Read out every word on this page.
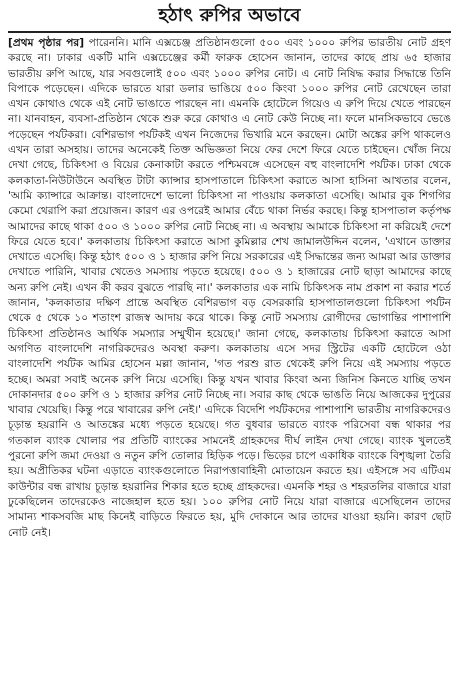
হঠাৎ রুপির অভাবে

[প্রথম পৃষ্ঠার পর] পারেননি। মানি এক্সচেঞ্জ প্রতিষ্ঠানগুলো ৫০০ এবং ১০০০ রুপির ভারতীয় নোট গ্রহণ করছে না। ঢাকার একটি মানি এক্সচেঞ্জের কর্মী ফারুক হোসেন জানান, তাদের কাছে প্রায় ৬৫ হাজার ভারতীয় রুপি আছে, যার সবগুলোই ৫০০ এবং ১০০০ রুপির নোট। এ নোট নিষিদ্ধ করার সিদ্ধান্তে তিনি বিপাকে পড়েছেন। এদিকে ভারতে যারা ডলার ভাঙিয়ে ৫০০ কিংবা ১০০০ রুপির নোট রেখেছেন তারা এখন কোথাও থেকে এই নোট ভাঙাতে পারছেন না। এমনকি হোটেলে গিয়েও এ রুপি দিয়ে খেতে পারছেন না। যানবাহন, ব্যবসা-প্রতিষ্ঠান থেকে শুরু করে কোথাও এ নোট কেউ নিচ্ছে না। ফলে মানসিকভাবে ভেঙে পড়েছেন পর্যটকরা। বেশিরভাগ পর্যটকই এখন নিজেদের ভিখারি মনে করছেন। মোটা অঙ্কের রুপি থাকলেও এখন তারা অসহায়। তাদের অনেকেই তিক্ত অভিজ্ঞতা নিয়ে ফের দেশে ফিরে যেতে চাইছেন। খোঁজ নিয়ে দেখা গেছে, চিকিৎসা ও বিয়ের কেনাকাটা করতে পশ্চিমবঙ্গে এসেছেন বহু বাংলাদেশি পর্যটক। ঢাকা থেকে কলকাতা-নিউটাউনে অবস্থিত টাটা ক্যান্সার হাসপাতালে চিকিৎসা করাতে আসা হাসিনা আখতার বলেন, 'আমি ক্যান্সারে আক্রান্ত। বাংলাদেশে ভালো চিকিৎসা না পাওয়ায় কলকাতা এসেছি। আমার বুক শিগগির কেমো থেরাপি করা প্রয়োজন। কারণ এর ওপরেই আমার বেঁচে থাকা নির্ভর করছে। কিন্তু হাসপাতাল কর্তৃপক্ষ আমাদের কাছে থাকা ৫০০ ও ১০০০ রুপির নোট নিচ্ছে না। এ অবস্থায় আমাকে চিকিৎসা না করিয়েই দেশে ফিরে যেতে হবে।' কলকাতায় চিকিৎসা করাতে আসা কুমিল্লার শেখ জামালউদ্দিন বলেন, 'এখানে ডাক্তার দেখাতে এসেছি। কিন্তু হঠাৎ ৫০০ ও ১ হাজার রুপি নিয়ে সরকারের এই সিদ্ধান্তের জন্য আমরা আর ডাক্তার দেখাতে পারিনি, খাবার খেতেও সমস্যায় পড়তে হয়েছে। ৫০০ ও ১ হাজারের নোট ছাড়া আমাদের কাছে অন্য রুপি নেই। এখন কী করব বুঝতে পারছি না।' কলকাতার এক নামি চিকিৎসক নাম প্রকাশ না করার শর্তে জানান, 'কলকাতার দক্ষিণ প্রান্তে অবস্থিত বেশিরভাগ বড় বেসরকারি হাসপাতালগুলো চিকিৎসা পর্যটন থেকে ৫ থেকে ১০ শতাংশ রাজস্ব আদায় করে থাকে। কিন্তু নোট সমস্যায় রোগীদের ভোগান্তির পাশাপাশি চিকিৎসা প্রতিষ্ঠানও আর্থিক সমস্যার সম্মুখীন হয়েছে।' জানা গেছে, কলকাতায় চিকিৎসা করাতে আসা অগণিত বাংলাদেশি নাগরিকদেরও অবস্থা করুণ। কলকাতায় এসে সদর স্ট্রিটের একটি হোটেলে ওঠা বাংলাদেশি পর্যটক আমির হোসেন মল্লা জানান, 'গত পরশু রাত থেকেই রুপি নিয়ে এই সমস্যায় পড়তে হচ্ছে। অমরা সবাই অনেক রুপি নিয়ে এসেছি। কিন্তু যখন খাবার কিংবা অন্য জিনিস কিনতে যাচ্ছি তখন দোকানদার ৫০০ রুপি ও ১ হাজার রুপির নোট নিচ্ছে না। সবার কাছ থেকে ভাঙতি নিয়ে আজকের দুপুরের খাবার খেয়েছি। কিন্তু পরে খাবারের রুপি নেই।' এদিকে বিদেশি পর্যটকদের পাশাপাশি ভারতীয় নাগরিকদেরও চূড়ান্ত হয়রানি ও আতঙ্কের মধ্যে পড়তে হয়েছে। গত বুধবার ভারতে ব্যাংক পরিসেবা বন্ধ থাকার পর গতকাল ব্যাংক খোলার পর প্রতিটি ব্যাংকের সামনেই গ্রাহকদের দীর্ঘ লাইন দেখা গেছে। ব্যাংক খুলতেই পুরনো রুপি জমা দেওয়া ও নতুন রুপি তোলার হিড়িক পড়ে। ভিড়ের চাপে একাধিক ব্যাংকে বিশৃঙ্খলা তৈরি হয়। অপ্রীতিকর ঘটনা এড়াতে ব্যাংকগুলোতে নিরাপত্তাবাহিনী মোতায়েন করতে হয়। এইসঙ্গে সব এটিএম কাউন্টার বন্ধ রাখায় চূড়ান্ত হয়রানির শিকার হতে হচ্ছে গ্রাহকদের। এমনকি শহর ও শহরতলির বাজারে যারা ঢুকেছিলেন তাদেরকেও নাজেহাল হতে হয়। ১০০ রুপির নোট নিয়ে যারা বাজারে এসেছিলেন তাদের সামান্য শাকসবজি মাছ কিনেই বাড়িতে ফিরতে হয়, মুদি দোকানে আর তাদের যাওয়া হয়নি। কারণ ছোট নোট নেই।
